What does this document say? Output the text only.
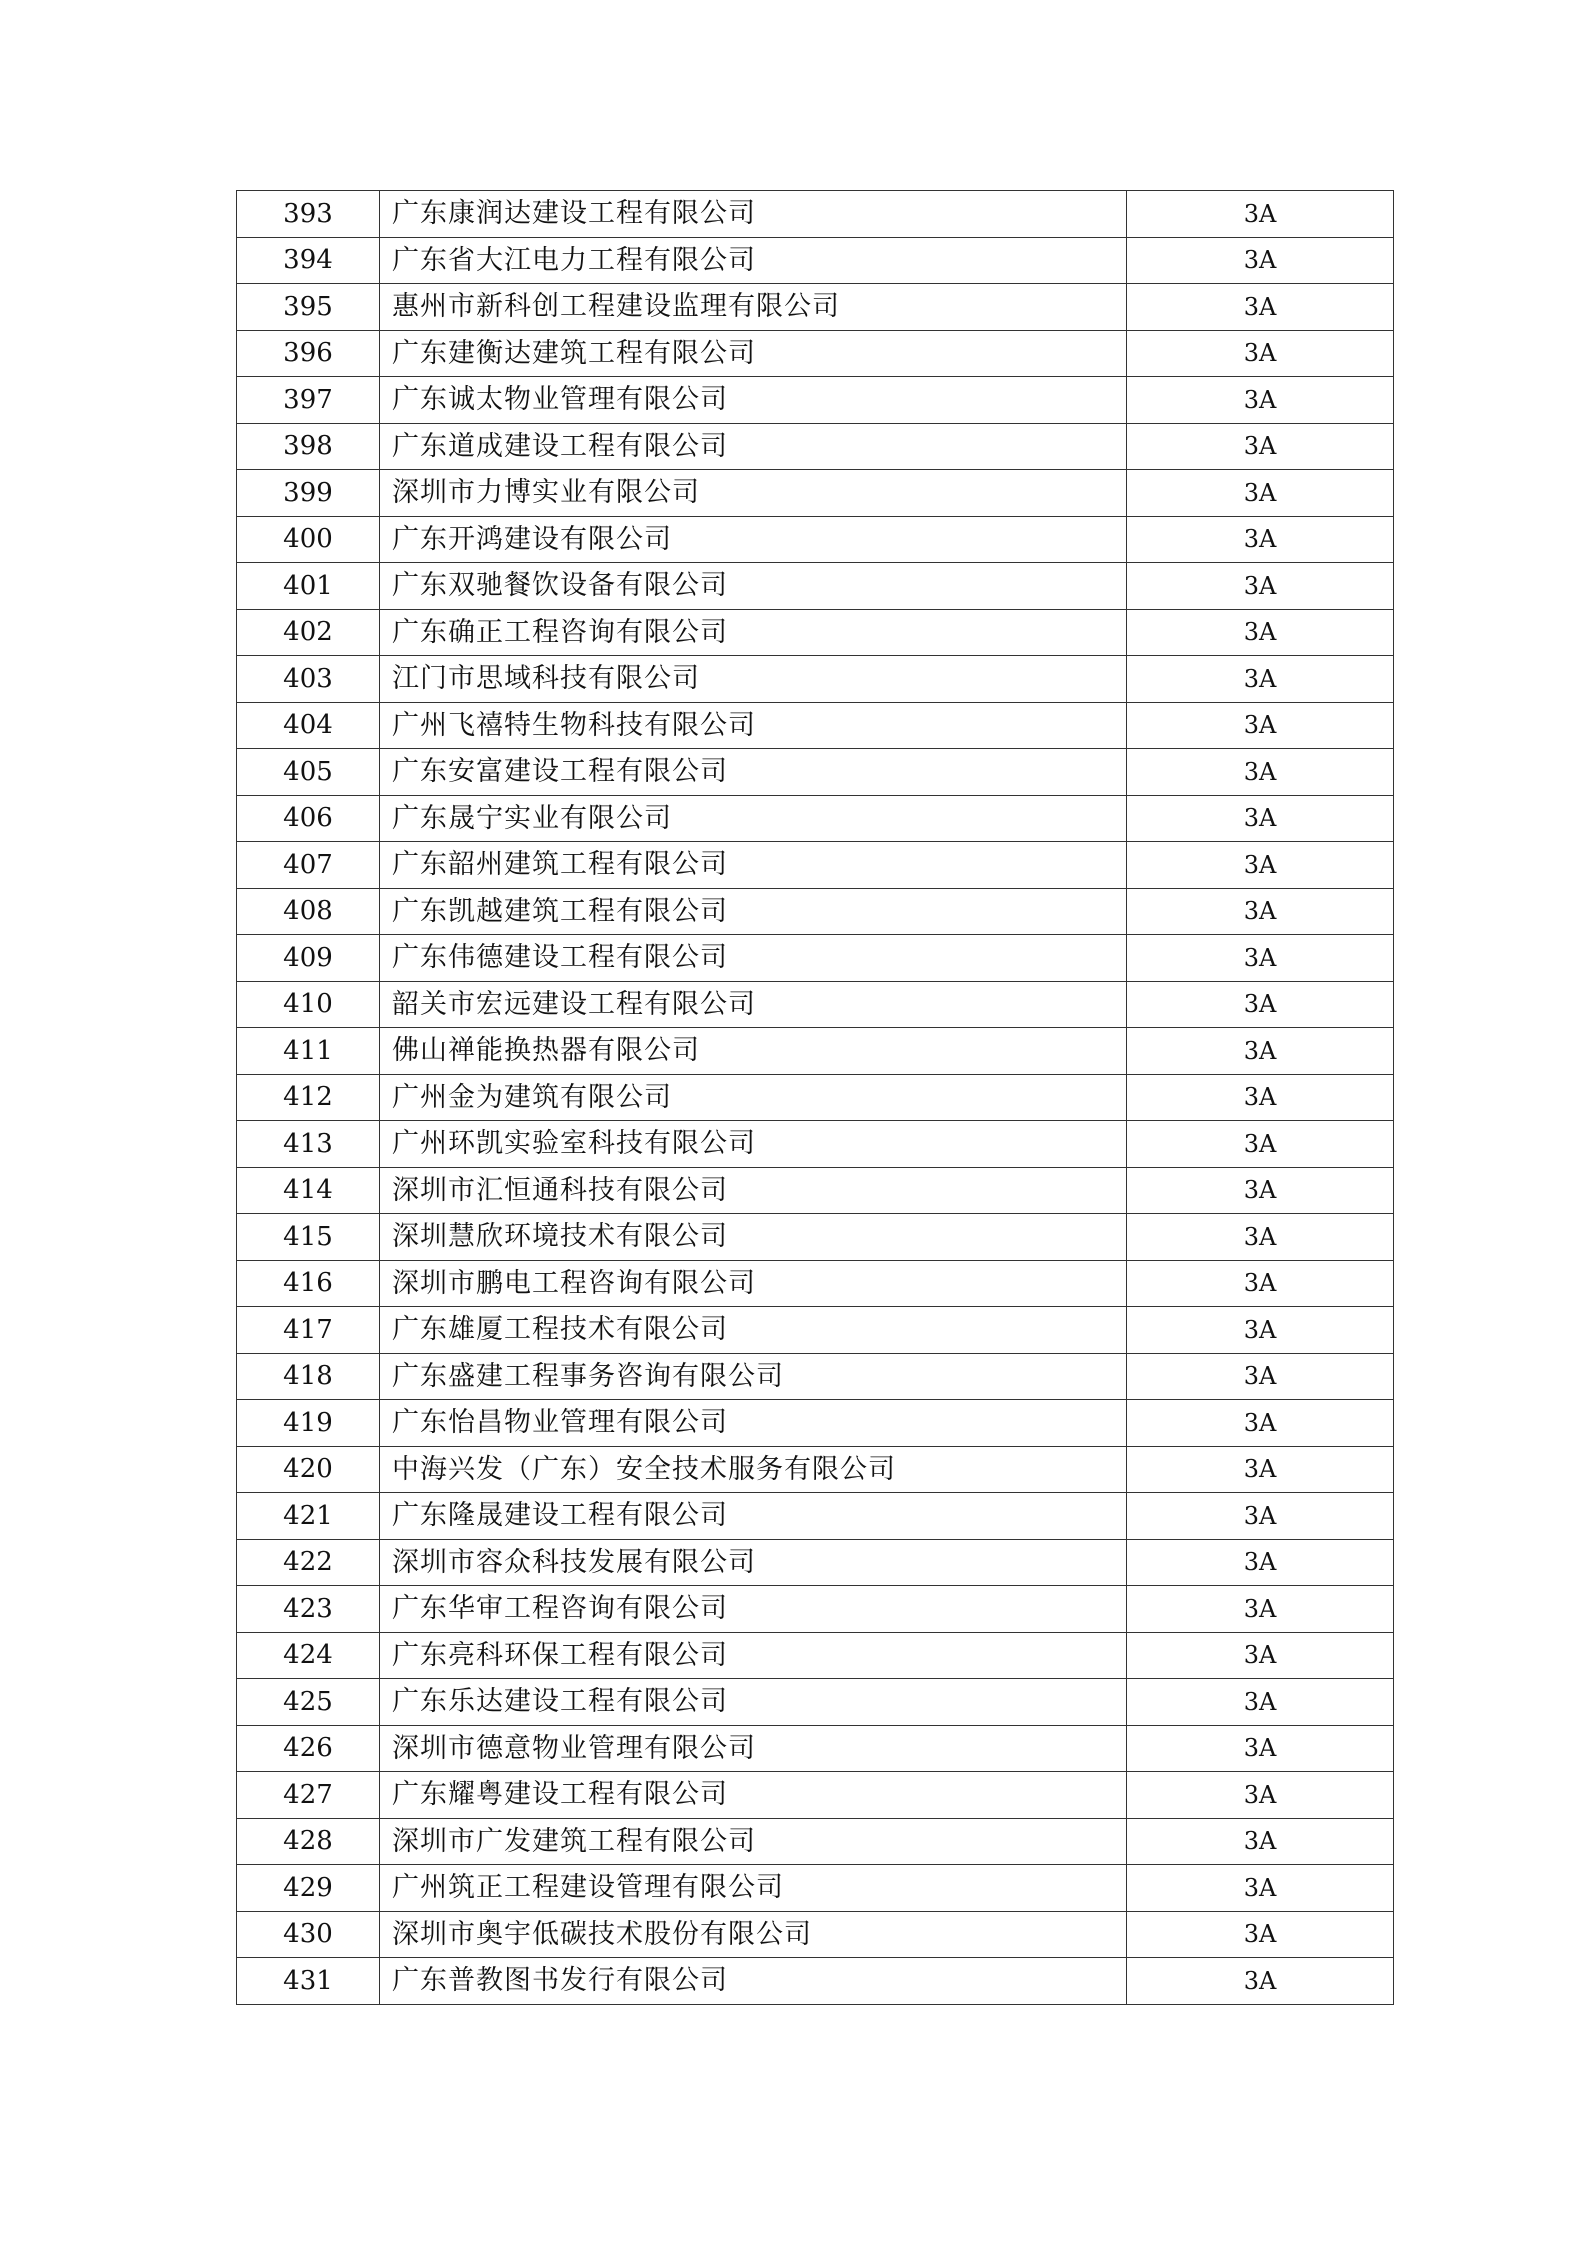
393	广东康润达建设工程有限公司	3A
394	广东省大江电力工程有限公司	3A
395	惠州市新科创工程建设监理有限公司	3A
396	广东建衡达建筑工程有限公司	3A
397	广东诚太物业管理有限公司	3A
398	广东道成建设工程有限公司	3A
399	深圳市力博实业有限公司	3A
400	广东开鸿建设有限公司	3A
401	广东双驰餐饮设备有限公司	3A
402	广东确正工程咨询有限公司	3A
403	江门市思域科技有限公司	3A
404	广州飞禧特生物科技有限公司	3A
405	广东安富建设工程有限公司	3A
406	广东晟宁实业有限公司	3A
407	广东韶州建筑工程有限公司	3A
408	广东凯越建筑工程有限公司	3A
409	广东伟德建设工程有限公司	3A
410	韶关市宏远建设工程有限公司	3A
411	佛山禅能换热器有限公司	3A
412	广州金为建筑有限公司	3A
413	广州环凯实验室科技有限公司	3A
414	深圳市汇恒通科技有限公司	3A
415	深圳慧欣环境技术有限公司	3A
416	深圳市鹏电工程咨询有限公司	3A
417	广东雄厦工程技术有限公司	3A
418	广东盛建工程事务咨询有限公司	3A
419	广东怡昌物业管理有限公司	3A
420	中海兴发（广东）安全技术服务有限公司	3A
421	广东隆晟建设工程有限公司	3A
422	深圳市容众科技发展有限公司	3A
423	广东华审工程咨询有限公司	3A
424	广东亮科环保工程有限公司	3A
425	广东乐达建设工程有限公司	3A
426	深圳市德意物业管理有限公司	3A
427	广东耀粤建设工程有限公司	3A
428	深圳市广发建筑工程有限公司	3A
429	广州筑正工程建设管理有限公司	3A
430	深圳市奥宇低碳技术股份有限公司	3A
431	广东普教图书发行有限公司	3A
